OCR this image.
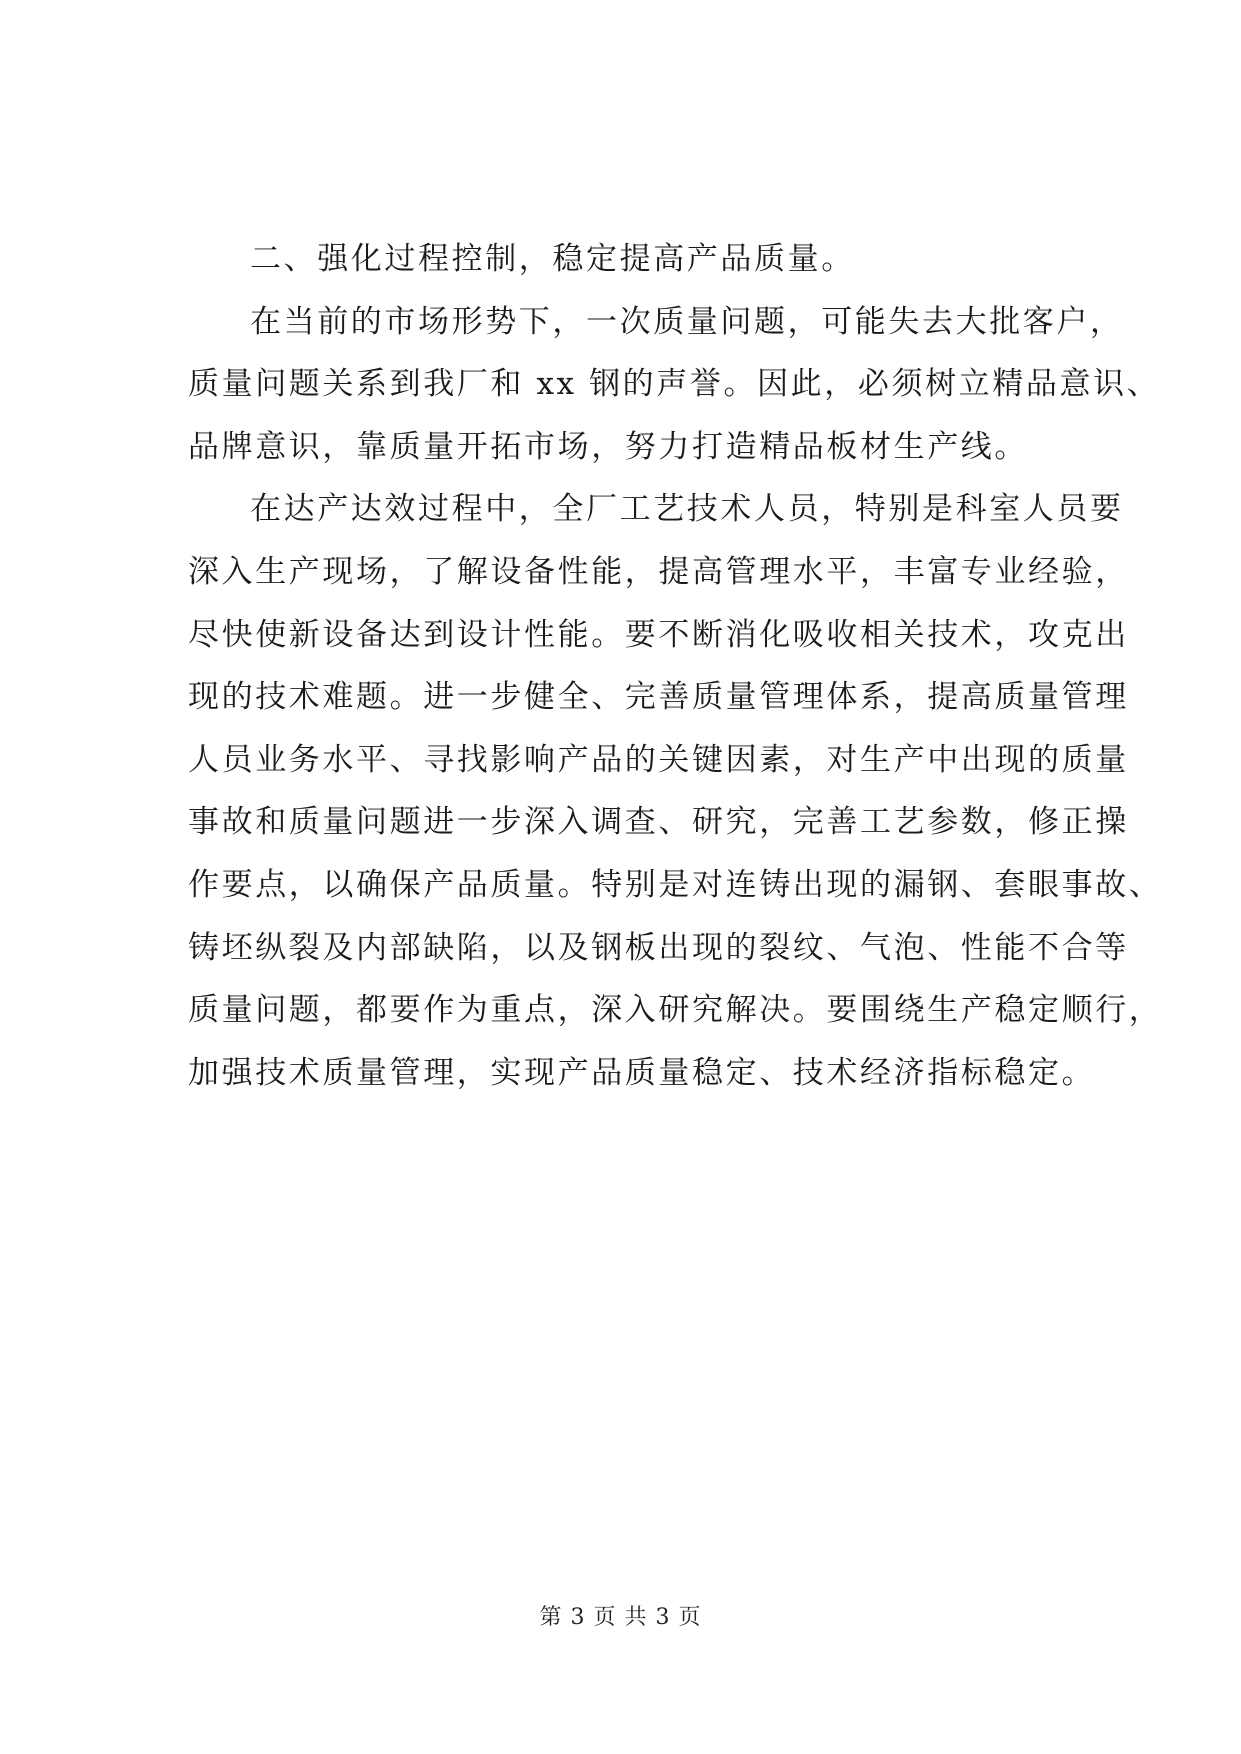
二、强化过程控制，稳定提高产品质量。
在当前的市场形势下，一次质量问题，可能失去大批客户，
质量问题关系到我厂和 xx 钢的声誉。因此，必须树立精品意识、
品牌意识，靠质量开拓市场，努力打造精品板材生产线。
在达产达效过程中，全厂工艺技术人员，特别是科室人员要
深入生产现场，了解设备性能，提高管理水平，丰富专业经验，
尽快使新设备达到设计性能。要不断消化吸收相关技术，攻克出
现的技术难题。进一步健全、完善质量管理体系，提高质量管理
人员业务水平、寻找影响产品的关键因素，对生产中出现的质量
事故和质量问题进一步深入调查、研究，完善工艺参数，修正操
作要点，以确保产品质量。特别是对连铸出现的漏钢、套眼事故、
铸坯纵裂及内部缺陷，以及钢板出现的裂纹、气泡、性能不合等
质量问题，都要作为重点，深入研究解决。要围绕生产稳定顺行，
加强技术质量管理，实现产品质量稳定、技术经济指标稳定。
第 3 页 共 3 页
